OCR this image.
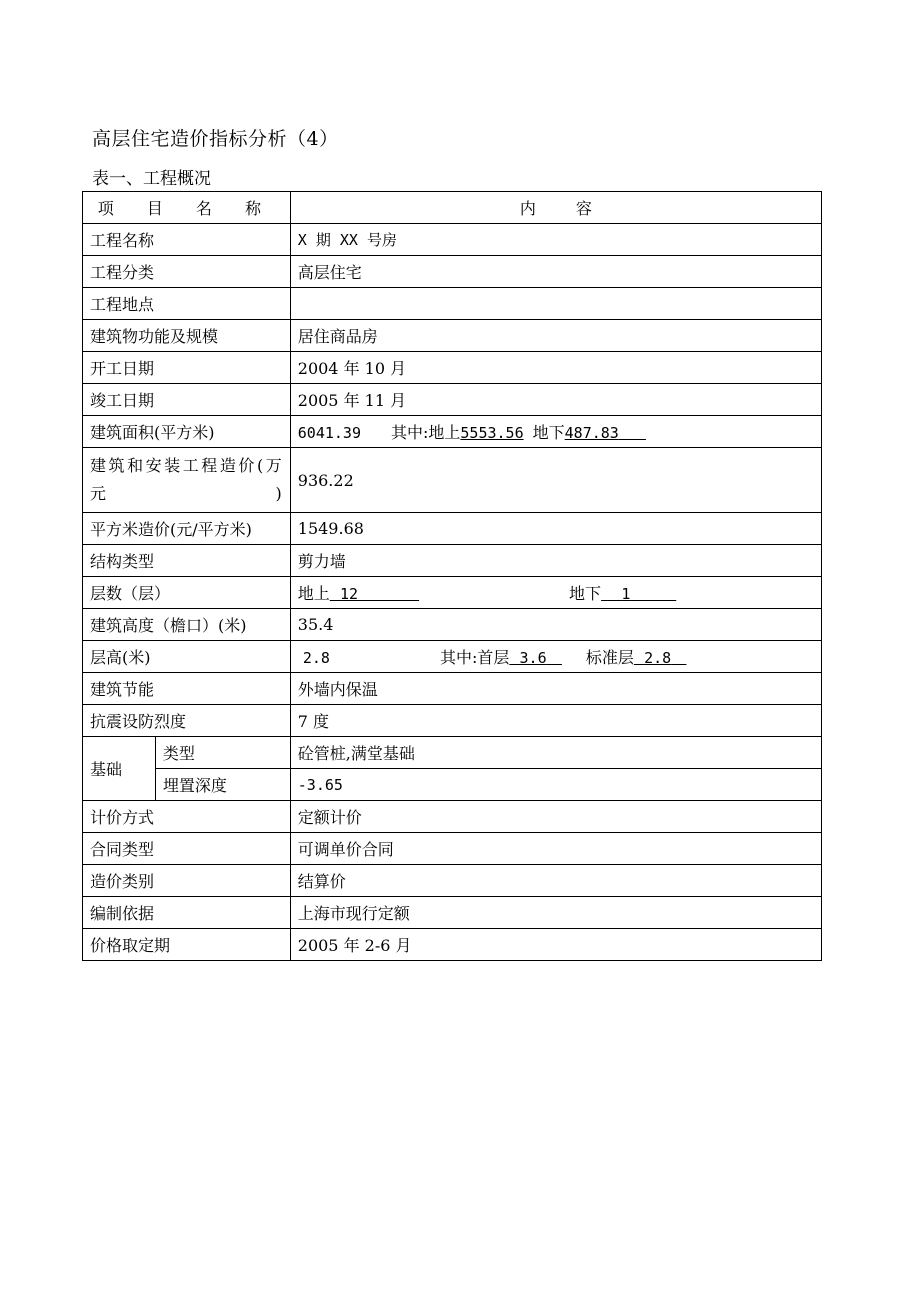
高层住宅造价指标分析（4）
表一、工程概况
项 目 名 称		内 容
工程名称		X 期 XX 号房
工程分类		高层住宅
工程地点		
建筑物功能及规模		居住商品房
开工日期		2004 年 10 月
竣工日期		2005 年 11 月
建筑面积(平方米)		6041.39 其中:地上5553.56 地下487.83
建筑和安装工程造价(万元)		936.22
平方米造价(元/平方米)		1549.68
结构类型		剪力墙
层数（层）		地上 12 地下 1
建筑高度（檐口）(米)		35.4
层高(米)		2.8 其中:首层 3.6 标准层 2.8
建筑节能		外墙内保温
抗震设防烈度		7 度
基础	类型	砼管桩,满堂基础
	埋置深度	-3.65
计价方式		定额计价
合同类型		可调单价合同
造价类别		结算价
编制依据		上海市现行定额
价格取定期		2005 年 2-6 月
